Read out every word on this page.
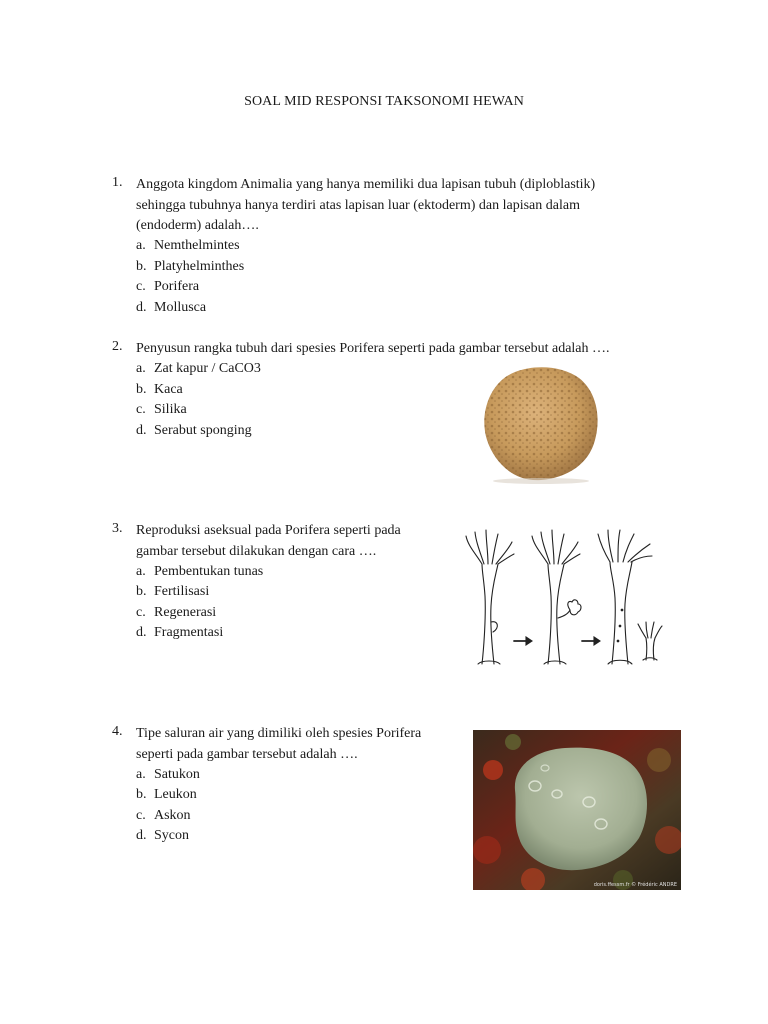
SOAL MID RESPONSI TAKSONOMI HEWAN
1. Anggota kingdom Animalia yang hanya memiliki dua lapisan tubuh (diploblastik)
sehingga tubuhnya hanya terdiri atas lapisan luar (ektoderm) dan lapisan dalam
(endoderm) adalah….
a. Nemthelmintes
b. Platyhelminthes
c. Porifera
d. Mollusca
2. Penyusun rangka tubuh dari spesies Porifera seperti pada gambar tersebut adalah ….
a. Zat kapur / CaCO3
b. Kaca
c. Silika
d. Serabut sponging
3. Reproduksi aseksual pada Porifera seperti pada
gambar tersebut dilakukan dengan cara ….
a. Pembentukan tunas
b. Fertilisasi
c. Regenerasi
d. Fragmentasi
4. Tipe saluran air yang dimiliki oleh spesies Porifera
seperti pada gambar tersebut adalah ….
a. Satukon
b. Leukon
c. Askon
d. Sycon
doris.ffessm.fr © Frédéric ANDRE
